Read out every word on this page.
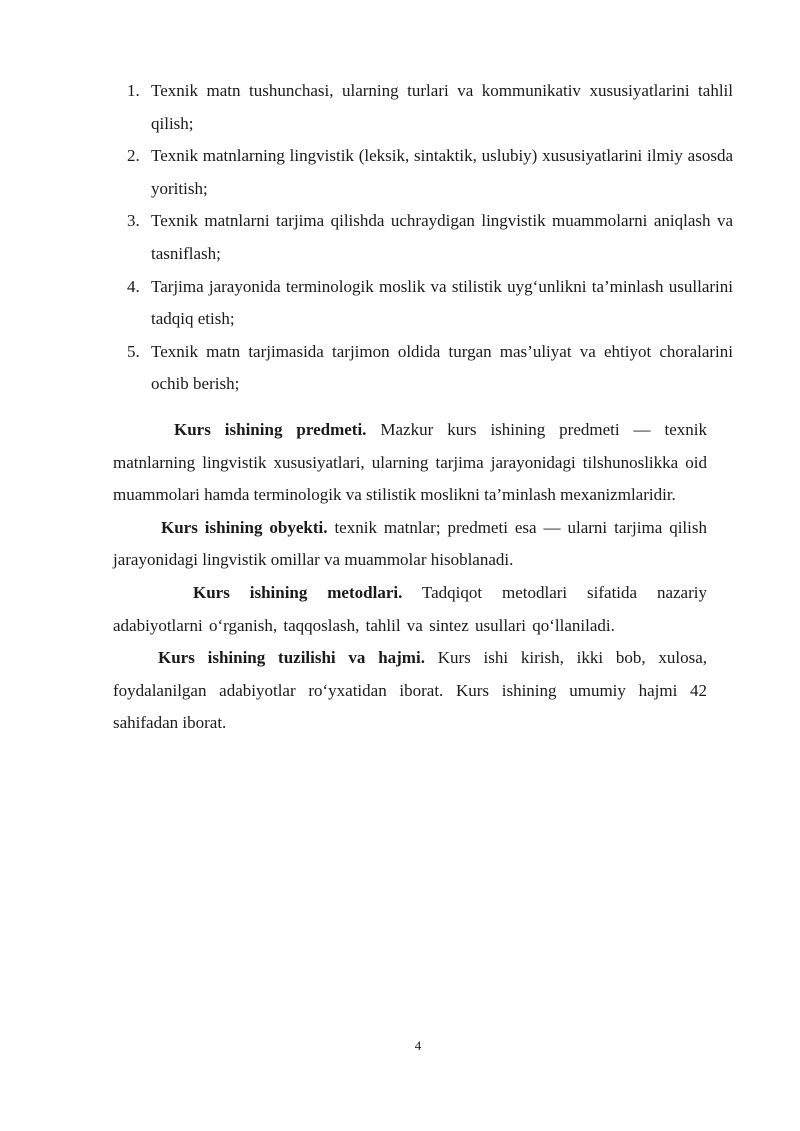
1. Texnik matn tushunchasi, ularning turlari va kommunikativ xususiyatlarini tahlil qilish;
2. Texnik matnlarning lingvistik (leksik, sintaktik, uslubiy) xususiyatlarini ilmiy asosda yoritish;
3. Texnik matnlarni tarjima qilishda uchraydigan lingvistik muammolarni aniqlash va tasniflash;
4. Tarjima jarayonida terminologik moslik va stilistik uyg‘unlikni ta’minlash usullarini tadqiq etish;
5. Texnik matn tarjimasida tarjimon oldida turgan mas’uliyat va ehtiyot choralarini ochib berish;

Kurs ishining predmeti. Mazkur kurs ishining predmeti — texnik matnlarning lingvistik xususiyatlari, ularning tarjima jarayonidagi tilshunoslikka oid muammolari hamda terminologik va stilistik moslikni ta’minlash mexanizmlaridir.

Kurs ishining obyekti. texnik matnlar; predmeti esa — ularni tarjima qilish jarayonidagi lingvistik omillar va muammolar hisoblanadi.

Kurs ishining metodlari. Tadqiqot metodlari sifatida nazariy adabiyotlarni o‘rganish, taqqoslash, tahlil va sintez usullari qo‘llaniladi.

Kurs ishining tuzilishi va hajmi. Kurs ishi kirish, ikki bob, xulosa, foydalanilgan adabiyotlar ro‘yxatidan iborat. Kurs ishining umumiy hajmi 42 sahifadan iborat.

4
